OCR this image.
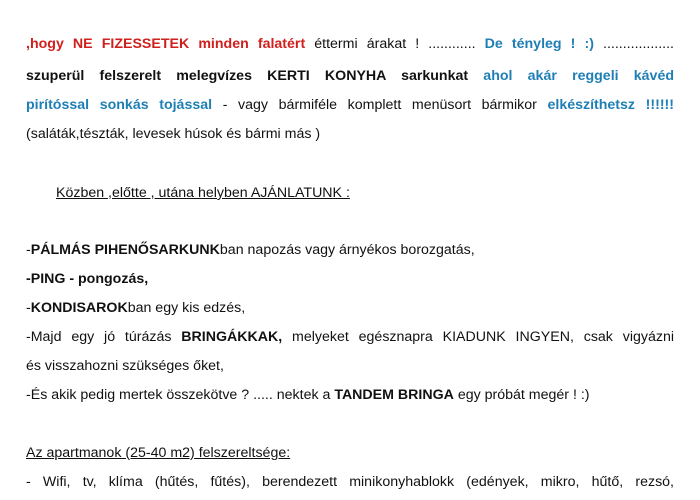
,hogy NE FIZESSETEK minden falatért éttermi árakat ! ............ De tényleg ! :) ..................
szuperül felszerelt melegvízes KERTI KONYHA sarkunkat ahol akár reggeli kávéd
pirítóssal sonkás tojással - vagy bármiféle komplett menüsort bármikor elkészíthetsz !!!!!!
(saláták,tészták, levesek húsok és bármi más )
Közben ,előtte , utána helyben AJÁNLATUNK :
-PÁLMÁS PIHENŐSARKUNKban napozás vagy árnyékos borozgatás,
-PING - pongozás,
-KONDISAROKban egy kis edzés,
-Majd egy jó túrázás BRINGÁKKAK, melyeket egésznapra KIADUNK INGYEN, csak vigyázni
és visszahozni szükséges őket,
-És akik pedig mertek összekötve ? ..... nektek a TANDEM BRINGA egy próbát megér ! :)
Az apartmanok (25-40 m2) felszereltsége:
- Wifi, tv, klíma (hűtés, fűtés), berendezett minikonyhablokk (edények, mikro, hűtő, rezsó,
